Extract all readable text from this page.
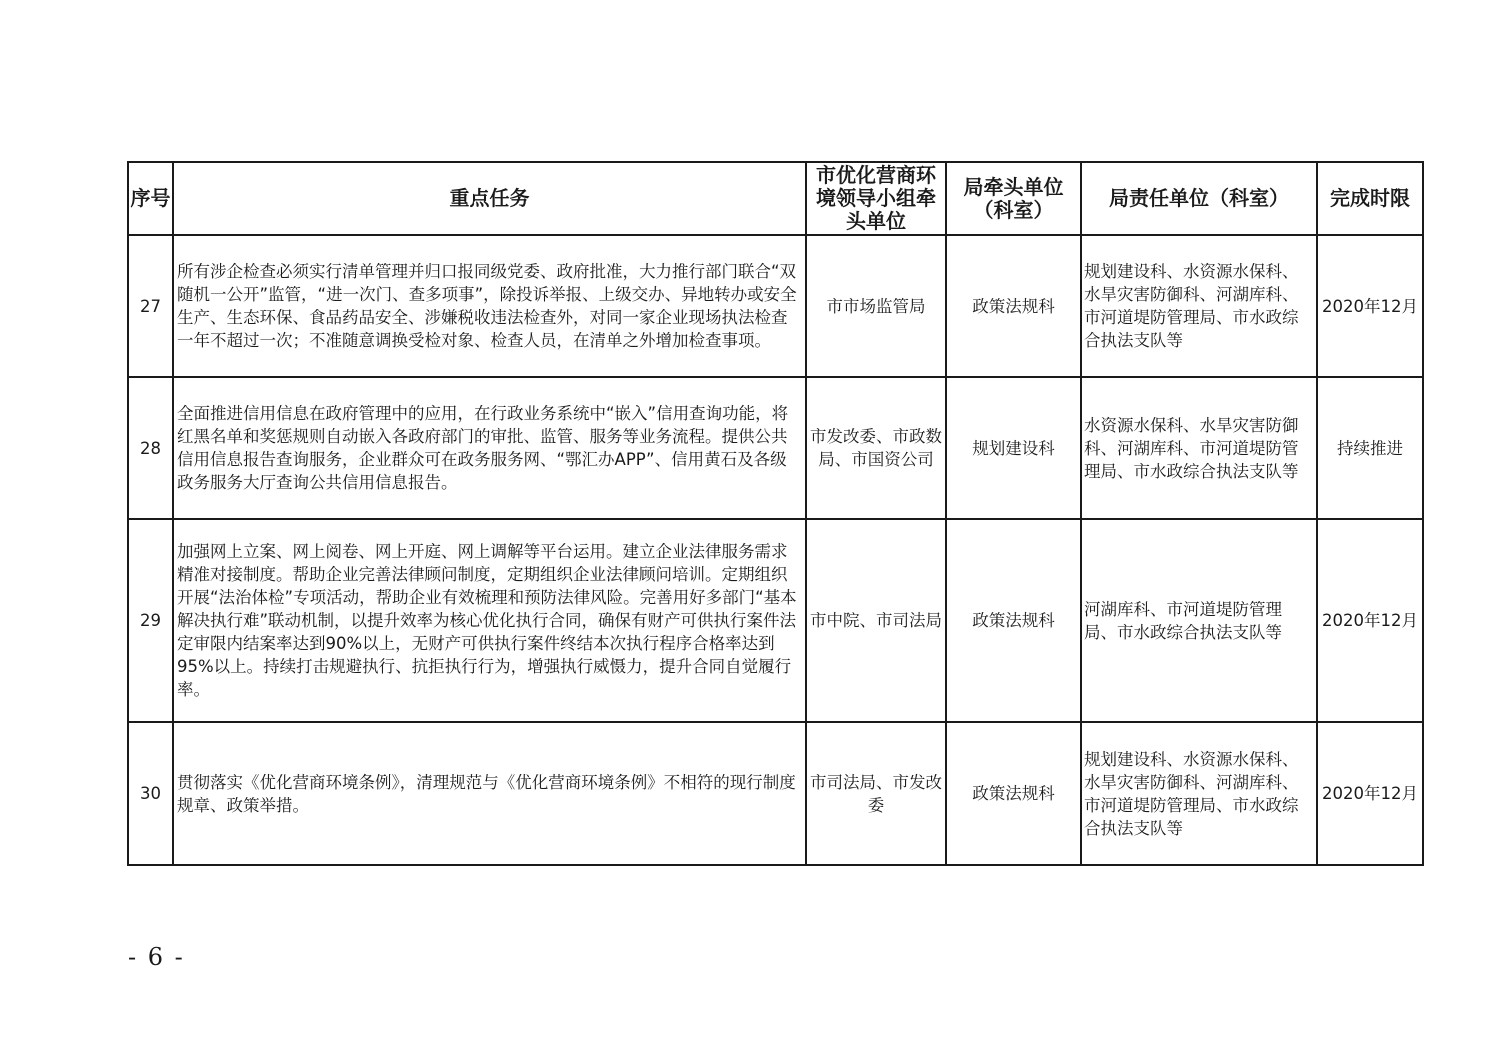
序号	重点任务	市优化营商环境领导小组牵头单位	局牵头单位（科室）	局责任单位（科室）	完成时限
27	所有涉企检查必须实行清单管理并归口报同级党委、政府批准，大力推行部门联合“双随机一公开”监管，“进一次门、查多项事”，除投诉举报、上级交办、异地转办或安全生产、生态环保、食品药品安全、涉嫌税收违法检查外，对同一家企业现场执法检查一年不超过一次；不准随意调换受检对象、检查人员，在清单之外增加检查事项。	市市场监管局	政策法规科	规划建设科、水资源水保科、水旱灾害防御科、河湖库科、市河道堤防管理局、市水政综合执法支队等	2020年12月
28	全面推进信用信息在政府管理中的应用，在行政业务系统中“嵌入”信用查询功能，将红黑名单和奖惩规则自动嵌入各政府部门的审批、监管、服务等业务流程。提供公共信用信息报告查询服务，企业群众可在政务服务网、“鄂汇办APP”、信用黄石及各级政务服务大厅查询公共信用信息报告。	市发改委、市政数局、市国资公司	规划建设科	水资源水保科、水旱灾害防御科、河湖库科、市河道堤防管理局、市水政综合执法支队等	持续推进
29	加强网上立案、网上阅卷、网上开庭、网上调解等平台运用。建立企业法律服务需求精准对接制度。帮助企业完善法律顾问制度，定期组织企业法律顾问培训。定期组织开展“法治体检”专项活动，帮助企业有效梳理和预防法律风险。完善用好多部门“基本解决执行难”联动机制，以提升效率为核心优化执行合同，确保有财产可供执行案件法定审限内结案率达到90%以上，无财产可供执行案件终结本次执行程序合格率达到95%以上。持续打击规避执行、抗拒执行行为，增强执行威慑力，提升合同自觉履行率。	市中院、市司法局	政策法规科	河湖库科、市河道堤防管理局、市水政综合执法支队等	2020年12月
30	贯彻落实《优化营商环境条例》，清理规范与《优化营商环境条例》不相符的现行制度规章、政策举措。	市司法局、市发改委	政策法规科	规划建设科、水资源水保科、水旱灾害防御科、河湖库科、市河道堤防管理局、市水政综合执法支队等	2020年12月
- 6 -
